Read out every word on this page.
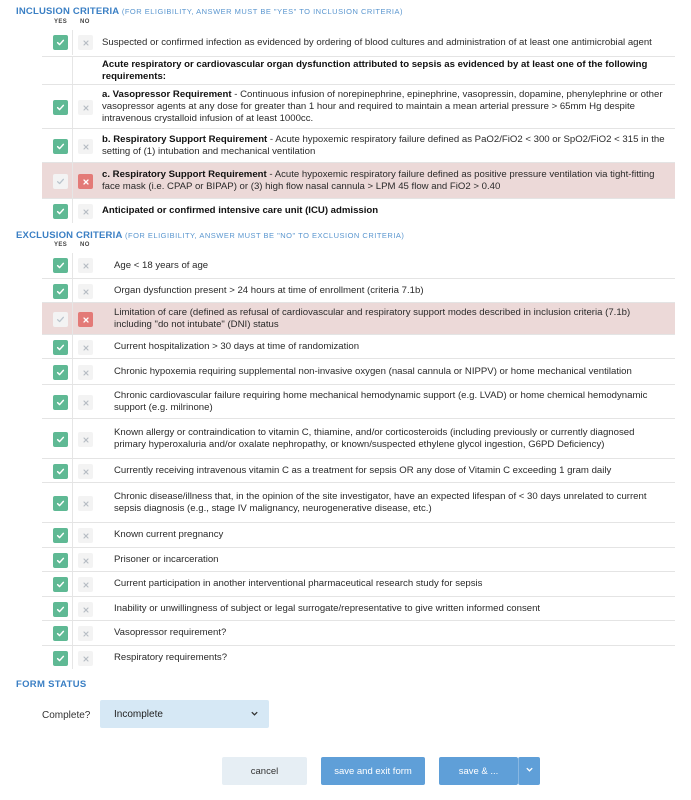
INCLUSION CRITERIA (FOR ELIGIBILITY, ANSWER MUST BE "YES" TO INCLUSION CRITERIA)
YES NO
EXCLUSION CRITERIA (FOR ELIGIBILITY, ANSWER MUST BE "NO" TO EXCLUSION CRITERIA)
YES NO
Suspected or confirmed infection as evidenced by ordering of blood cultures and administration of at least one antimicrobial agent
Acute respiratory or cardiovascular organ dysfunction attributed to sepsis as evidenced by at least one of the following requirements:
a. Vasopressor Requirement - Continuous infusion of norepinephrine, epinephrine, vasopressin, dopamine, phenylephrine or other vasopressor agents at any dose for greater than 1 hour and required to maintain a mean arterial pressure > 65mm Hg despite intravenous crystalloid infusion of at least 1000cc.
b. Respiratory Support Requirement - Acute hypoxemic respiratory failure defined as PaO2/FiO2 < 300 or SpO2/FiO2 < 315 in the setting of (1) intubation and mechanical ventilation
c. Respiratory Support Requirement - Acute hypoxemic respiratory failure defined as positive pressure ventilation via tight-fitting face mask (i.e. CPAP or BIPAP) or (3) high flow nasal cannula > LPM 45 flow and FiO2 > 0.40
Anticipated or confirmed intensive care unit (ICU) admission
Age < 18 years of age
Organ dysfunction present > 24 hours at time of enrollment (criteria 7.1b)
Limitation of care (defined as refusal of cardiovascular and respiratory support modes described in inclusion criteria (7.1b) including "do not intubate" (DNI) status
Current hospitalization > 30 days at time of randomization
Chronic hypoxemia requiring supplemental non-invasive oxygen (nasal cannula or NIPPV) or home mechanical ventilation
Chronic cardiovascular failure requiring home mechanical hemodynamic support (e.g. LVAD) or home chemical hemodynamic support (e.g. milrinone)
Known allergy or contraindication to vitamin C, thiamine, and/or corticosteroids (including previously or currently diagnosed primary hyperoxaluria and/or oxalate nephropathy, or known/suspected ethylene glycol ingestion, G6PD Deficiency)
Currently receiving intravenous vitamin C as a treatment for sepsis OR any dose of Vitamin C exceeding 1 gram daily
Chronic disease/illness that, in the opinion of the site investigator, have an expected lifespan of < 30 days unrelated to current sepsis diagnosis (e.g., stage IV malignancy, neurogenerative disease, etc.)
Known current pregnancy
Prisoner or incarceration
Current participation in another interventional pharmaceutical research study for sepsis
Inability or unwillingness of subject or legal surrogate/representative to give written informed consent
Vasopressor requirement?
Respiratory requirements?
FORM STATUS
Complete? Incomplete
cancel	save and exit form	save & ...
